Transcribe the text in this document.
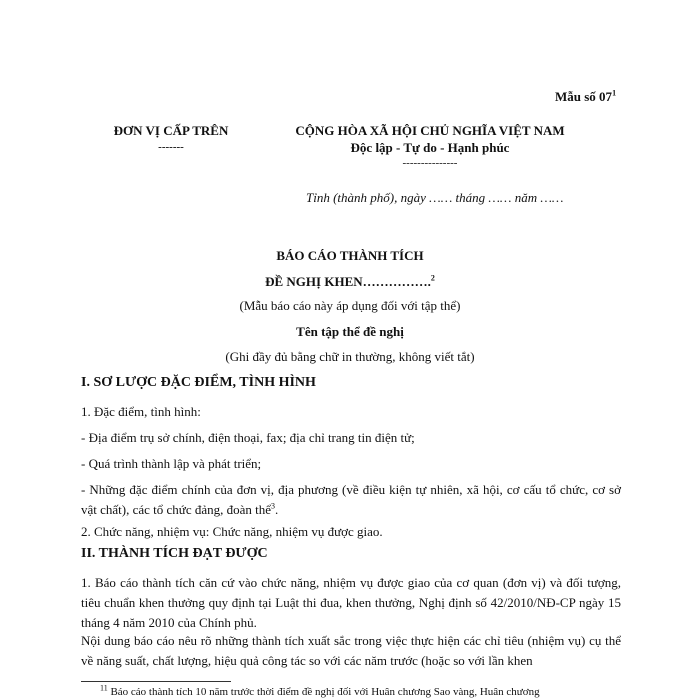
Mẫu số $07^1$
ĐƠN VỊ CẤP TRÊN
-------
CỘNG HÒA XÃ HỘI CHỦ NGHĨA VIỆT NAM
Độc lập - Tự do - Hạnh phúc
---------------
Tỉnh (thành phố), ngày …… tháng …… năm ……
BÁO CÁO THÀNH TÍCH
ĐỀ NGHỊ KHEN…………….$^2$
(Mẫu báo cáo này áp dụng đối với tập thể)
Tên tập thể đề nghị
(Ghi đầy đủ bằng chữ in thường, không viết tắt)
I. SƠ LƯỢC ĐẶC ĐIỂM, TÌNH HÌNH
1. Đặc điểm, tình hình:
- Địa điểm trụ sở chính, điện thoại, fax; địa chỉ trang tin điện tử;
- Quá trình thành lập và phát triển;
- Những đặc điểm chính của đơn vị, địa phương (về điều kiện tự nhiên, xã hội, cơ cấu tổ chức, cơ sở vật chất), các tổ chức đảng, đoàn thể$^3$.
2. Chức năng, nhiệm vụ: Chức năng, nhiệm vụ được giao.
II. THÀNH TÍCH ĐẠT ĐƯỢC
1. Báo cáo thành tích căn cứ vào chức năng, nhiệm vụ được giao của cơ quan (đơn vị) và đối tượng, tiêu chuẩn khen thưởng quy định tại Luật thi đua, khen thưởng, Nghị định số 42/2010/NĐ-CP ngày 15 tháng 4 năm 2010 của Chính phủ.
Nội dung báo cáo nêu rõ những thành tích xuất sắc trong việc thực hiện các chỉ tiêu (nhiệm vụ) cụ thể về năng suất, chất lượng, hiệu quả công tác so với các năm trước (hoặc so với lần khen
$^{11}$ Báo cáo thành tích 10 năm trước thời điểm đề nghị đối với Huân chương Sao vàng, Huân chương
